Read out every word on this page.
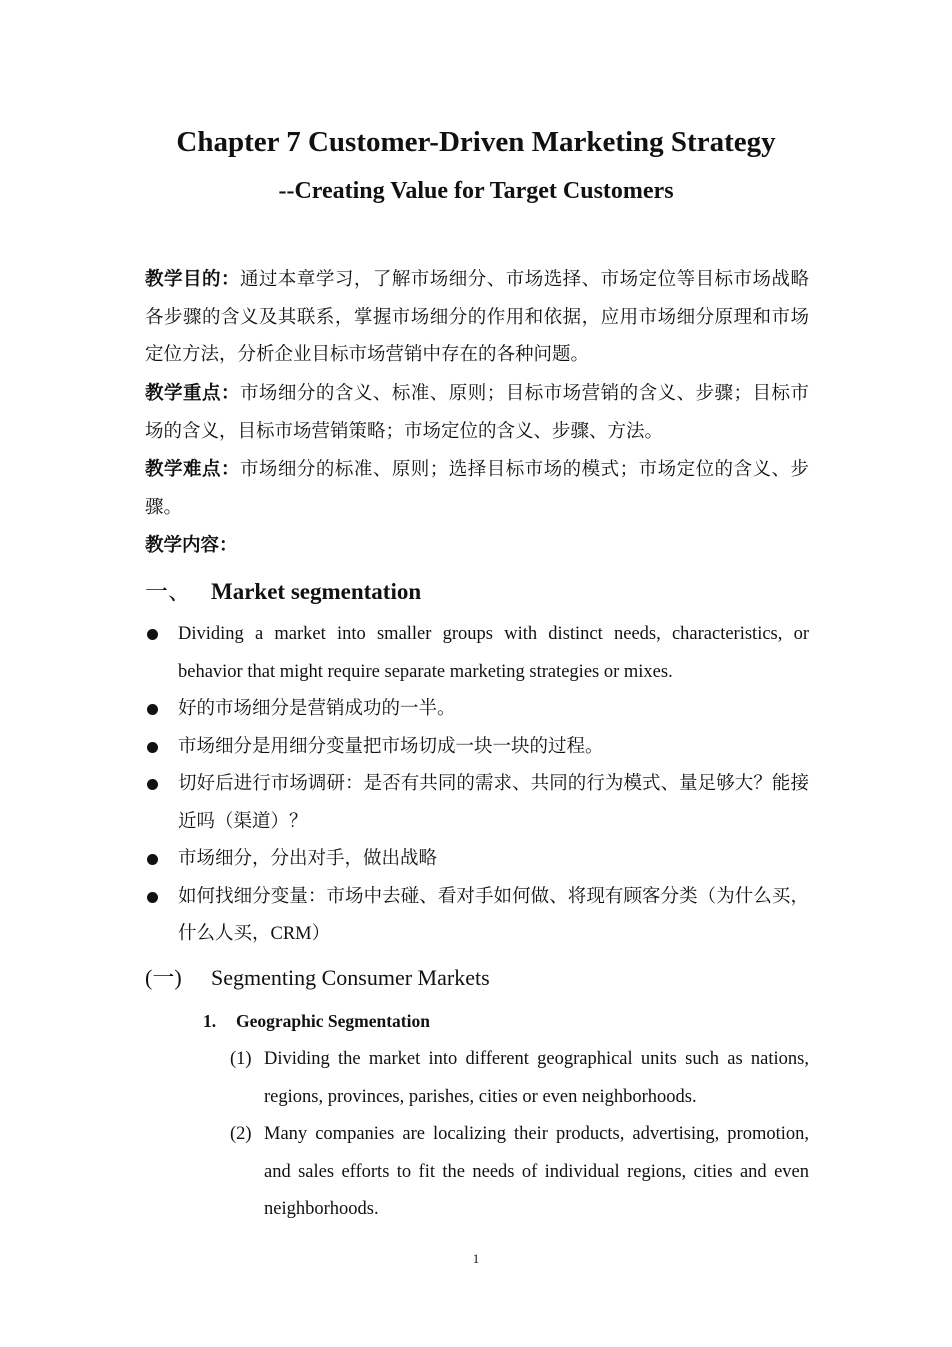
Chapter 7 Customer-Driven Marketing Strategy
--Creating Value for Target Customers
教学目的：通过本章学习，了解市场细分、市场选择、市场定位等目标市场战略各步骤的含义及其联系，掌握市场细分的作用和依据，应用市场细分原理和市场定位方法，分析企业目标市场营销中存在的各种问题。
教学重点：市场细分的含义、标准、原则；目标市场营销的含义、步骤；目标市场的含义，目标市场营销策略；市场定位的含义、步骤、方法。
教学难点：市场细分的标准、原则；选择目标市场的模式；市场定位的含义、步骤。
教学内容：
一、 Market segmentation
Dividing a market into smaller groups with distinct needs, characteristics, or behavior that might require separate marketing strategies or mixes.
好的市场细分是营销成功的一半。
市场细分是用细分变量把市场切成一块一块的过程。
切好后进行市场调研：是否有共同的需求、共同的行为模式、量足够大？能接近吗（渠道）？
市场细分，分出对手，做出战略
如何找细分变量：市场中去碰、看对手如何做、将现有顾客分类（为什么买，什么人买，CRM）
(一) Segmenting Consumer Markets
1. Geographic Segmentation
(1) Dividing the market into different geographical units such as nations, regions, provinces, parishes, cities or even neighborhoods.
(2) Many companies are localizing their products, advertising, promotion, and sales efforts to fit the needs of individual regions, cities and even neighborhoods.
1
